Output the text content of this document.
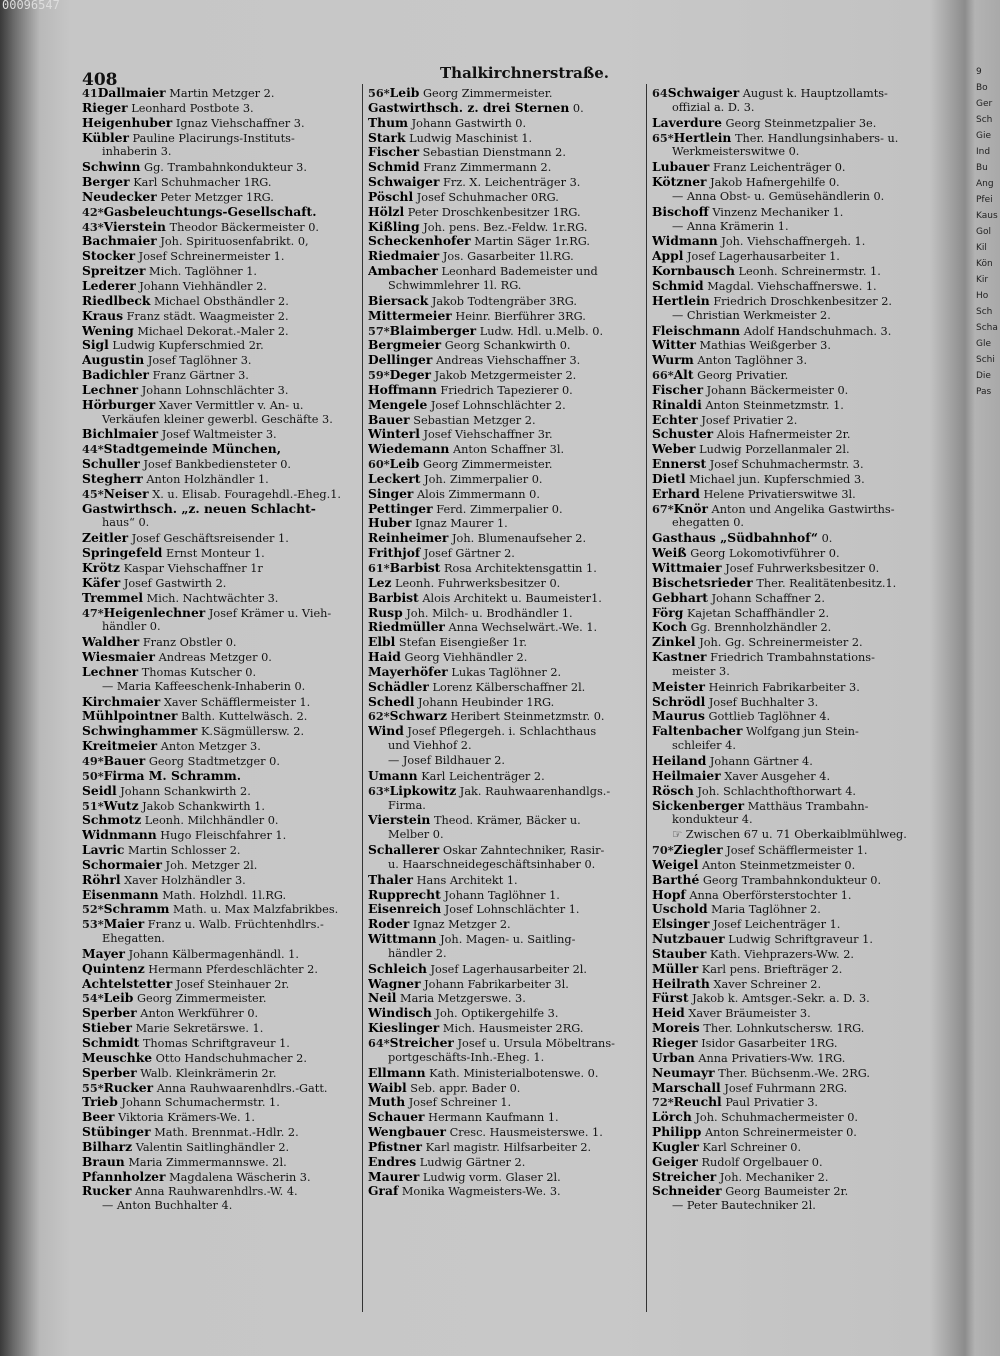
00096547
408	Thalkirchnerstraße.
41Dallmaier Martin Metzger 2.
Rieger Leonhard Postbote 3.
Heigenhuber Ignaz Viehschaffner 3.
Kübler Pauline Placirungs-Instituts-
inhaberin 3.
Schwinn Gg. Trambahnkondukteur 3.
Berger Karl Schuhmacher 1RG.
Neudecker Peter Metzger 1RG.
42*Gasbeleuchtungs-Gesellschaft.
43*Vierstein Theodor Bäckermeister 0.
Bachmaier Joh. Spirituosenfabrikt. 0,
Stocker Josef Schreinermeister 1.
Spreitzer Mich. Taglöhner 1.
Lederer Johann Viehhändler 2.
Riedlbeck Michael Obsthändler 2.
Kraus Franz städt. Waagmeister 2.
Wening Michael Dekorat.-Maler 2.
Sigl Ludwig Kupferschmied 2r.
Augustin Josef Taglöhner 3.
Badichler Franz Gärtner 3.
Lechner Johann Lohnschlächter 3.
Hörburger Xaver Vermittler v. An- u.
Verkäufen kleiner gewerbl. Geschäfte 3.
Bichlmaier Josef Waltmeister 3.
44*Stadtgemeinde München,
Schuller Josef Bankbediensteter 0.
Stegherr Anton Holzhändler 1.
45*Neiser X. u. Elisab. Fouragehdl.-Eheg.1.
Gastwirthsch. „z. neuen Schlacht-
haus“ 0.
Zeitler Josef Geschäftsreisender 1.
Springefeld Ernst Monteur 1.
Krötz Kaspar Viehschaffner 1r
Käfer Josef Gastwirth 2.
Tremmel Mich. Nachtwächter 3.
47*Heigenlechner Josef Krämer u. Vieh-
händler 0.
Waldher Franz Obstler 0.
Wiesmaier Andreas Metzger 0.
Lechner Thomas Kutscher 0.
— Maria Kaffeeschenk-Inhaberin 0.
Kirchmaier Xaver Schäfflermeister 1.
Mühlpointner Balth. Kuttelwäsch. 2.
Schwinghammer K.Sägmüllersw. 2.
Kreitmeier Anton Metzger 3.
49*Bauer Georg Stadtmetzger 0.
50*Firma M. Schramm.
Seidl Johann Schankwirth 2.
51*Wutz Jakob Schankwirth 1.
Schmotz Leonh. Milchhändler 0.
Widnmann Hugo Fleischfahrer 1.
Lavric Martin Schlosser 2.
Schormaier Joh. Metzger 2l.
Röhrl Xaver Holzhändler 3.
Eisenmann Math. Holzhdl. 1l.RG.
52*Schramm Math. u. Max Malzfabrikbes.
53*Maier Franz u. Walb. Früchtenhdlrs.-
Ehegatten.
Mayer Johann Kälbermagenhändl. 1.
Quintenz Hermann Pferdeschlächter 2.
Achtelstetter Josef Steinhauer 2r.
54*Leib Georg Zimmermeister.
Sperber Anton Werkführer 0.
Stieber Marie Sekretärswe. 1.
Schmidt Thomas Schriftgraveur 1.
Meuschke Otto Handschuhmacher 2.
Sperber Walb. Kleinkrämerin 2r.
55*Rucker Anna Rauhwaarenhdlrs.-Gatt.
Trieb Johann Schumachermstr. 1.
Beer Viktoria Krämers-We. 1.
Stübinger Math. Brennmat.-Hdlr. 2.
Bilharz Valentin Saitlinghändler 2.
Braun Maria Zimmermannswe. 2l.
Pfannholzer Magdalena Wäscherin 3.
Rucker Anna Rauhwarenhdlrs.-W. 4.
— Anton Buchhalter 4.
56*Leib Georg Zimmermeister.
Gastwirthsch. z. drei Sternen 0.
Thum Johann Gastwirth 0.
Stark Ludwig Maschinist 1.
Fischer Sebastian Dienstmann 2.
Schmid Franz Zimmermann 2.
Schwaiger Frz. X. Leichenträger 3.
Pöschl Josef Schuhmacher 0RG.
Hölzl Peter Droschkenbesitzer 1RG.
Kißling Joh. pens. Bez.-Feldw. 1r.RG.
Scheckenhofer Martin Säger 1r.RG.
Riedmaier Jos. Gasarbeiter 1l.RG.
Ambacher Leonhard Bademeister und
Schwimmlehrer 1l. RG.
Biersack Jakob Todtengräber 3RG.
Mittermeier Heinr. Bierführer 3RG.
57*Blaimberger Ludw. Hdl. u.Melb. 0.
Bergmeier Georg Schankwirth 0.
Dellinger Andreas Viehschaffner 3.
59*Deger Jakob Metzgermeister 2.
Hoffmann Friedrich Tapezierer 0.
Mengele Josef Lohnschlächter 2.
Bauer Sebastian Metzger 2.
Winterl Josef Viehschaffner 3r.
Wiedemann Anton Schaffner 3l.
60*Leib Georg Zimmermeister.
Leckert Joh. Zimmerpalier 0.
Singer Alois Zimmermann 0.
Pettinger Ferd. Zimmerpalier 0.
Huber Ignaz Maurer 1.
Reinheimer Joh. Blumenaufseher 2.
Frithjof Josef Gärtner 2.
61*Barbist Rosa Architektensgattin 1.
Lez Leonh. Fuhrwerksbesitzer 0.
Barbist Alois Architekt u. Baumeister1.
Rusp Joh. Milch- u. Brodhändler 1.
Riedmüller Anna Wechselwärt.-We. 1.
Elbl Stefan Eisengießer 1r.
Haid Georg Viehhändler 2.
Mayerhöfer Lukas Taglöhner 2.
Schädler Lorenz Kälberschaffner 2l.
Schedl Johann Heubinder 1RG.
62*Schwarz Heribert Steinmetzmstr. 0.
Wind Josef Pflegergeh. i. Schlachthaus
und Viehhof 2.
— Josef Bildhauer 2.
Umann Karl Leichenträger 2.
63*Lipkowitz Jak. Rauhwaarenhandlgs.-
Firma.
Vierstein Theod. Krämer, Bäcker u.
Melber 0.
Schallerer Oskar Zahntechniker, Rasir-
u. Haarschneidegeschäftsinhaber 0.
Thaler Hans Architekt 1.
Rupprecht Johann Taglöhner 1.
Eisenreich Josef Lohnschlächter 1.
Roder Ignaz Metzger 2.
Wittmann Joh. Magen- u. Saitling-
händler 2.
Schleich Josef Lagerhausarbeiter 2l.
Wagner Johann Fabrikarbeiter 3l.
Neil Maria Metzgerswe. 3.
Windisch Joh. Optikergehilfe 3.
Kieslinger Mich. Hausmeister 2RG.
64*Streicher Josef u. Ursula Möbeltrans-
portgeschäfts-Inh.-Eheg. 1.
Ellmann Kath. Ministerialbotenswe. 0.
Waibl Seb. appr. Bader 0.
Muth Josef Schreiner 1.
Schauer Hermann Kaufmann 1.
Wengbauer Cresc. Hausmeisterswe. 1.
Pfistner Karl magistr. Hilfsarbeiter 2.
Endres Ludwig Gärtner 2.
Maurer Ludwig vorm. Glaser 2l.
Graf Monika Wagmeisters-We. 3.
64Schwaiger August k. Hauptzollamts-
offizial a. D. 3.
Laverdure Georg Steinmetzpalier 3e.
65*Hertlein Ther. Handlungsinhabers- u.
Werkmeisterswitwe 0.
Lubauer Franz Leichenträger 0.
Kötzner Jakob Hafnergehilfe 0.
— Anna Obst- u. Gemüsehändlerin 0.
Bischoff Vinzenz Mechaniker 1.
— Anna Krämerin 1.
Widmann Joh. Viehschaffnergeh. 1.
Appl Josef Lagerhausarbeiter 1.
Kornbausch Leonh. Schreinermstr. 1.
Schmid Magdal. Viehschaffnerswe. 1.
Hertlein Friedrich Droschkenbesitzer 2.
— Christian Werkmeister 2.
Fleischmann Adolf Handschuhmach. 3.
Witter Mathias Weißgerber 3.
Wurm Anton Taglöhner 3.
66*Alt Georg Privatier.
Fischer Johann Bäckermeister 0.
Rinaldi Anton Steinmetzmstr. 1.
Echter Josef Privatier 2.
Schuster Alois Hafnermeister 2r.
Weber Ludwig Porzellanmaler 2l.
Ennerst Josef Schuhmachermstr. 3.
Dietl Michael jun. Kupferschmied 3.
Erhard Helene Privatierswitwe 3l.
67*Knör Anton und Angelika Gastwirths-
ehegatten 0.
Gasthaus „Südbahnhof“ 0.
Weiß Georg Lokomotivführer 0.
Wittmaier Josef Fuhrwerksbesitzer 0.
Bischetsrieder Ther. Realitätenbesitz.1.
Gebhart Johann Schaffner 2.
Förg Kajetan Schaffhändler 2.
Koch Gg. Brennholzhändler 2.
Zinkel Joh. Gg. Schreinermeister 2.
Kastner Friedrich Trambahnstations-
meister 3.
Meister Heinrich Fabrikarbeiter 3.
Schrödl Josef Buchhalter 3.
Maurus Gottlieb Taglöhner 4.
Faltenbacher Wolfgang jun Stein-
schleifer 4.
Heiland Johann Gärtner 4.
Heilmaier Xaver Ausgeher 4.
Rösch Joh. Schlachthofthorwart 4.
Sickenberger Matthäus Trambahn-
kondukteur 4.
☞ Zwischen 67 u. 71 Oberkaiblmühlweg.
70*Ziegler Josef Schäfflermeister 1.
Weigel Anton Steinmetzmeister 0.
Barthé Georg Trambahnkondukteur 0.
Hopf Anna Oberförsterstochter 1.
Uschold Maria Taglöhner 2.
Elsinger Josef Leichenträger 1.
Nutzbauer Ludwig Schriftgraveur 1.
Stauber Kath. Viehprazers-Ww. 2.
Müller Karl pens. Briefträger 2.
Heilrath Xaver Schreiner 2.
Fürst Jakob k. Amtsger.-Sekr. a. D. 3.
Heid Xaver Bräumeister 3.
Moreis Ther. Lohnkutschersw. 1RG.
Rieger Isidor Gasarbeiter 1RG.
Urban Anna Privatiers-Ww. 1RG.
Neumayr Ther. Büchsenm.-We. 2RG.
Marschall Josef Fuhrmann 2RG.
72*Reuchl Paul Privatier 3.
Lörch Joh. Schuhmachermeister 0.
Philipp Anton Schreinermeister 0.
Kugler Karl Schreiner 0.
Geiger Rudolf Orgelbauer 0.
Streicher Joh. Mechaniker 2.
Schneider Georg Baumeister 2r.
— Peter Bautechniker 2l.
9
Bo
Ger
Sch
Gie
Ind
Bu
Ang
Pfei
Kaus
Gol
Kil
Kön
Kir
Ho
Sch
Scha
Gle
Schi
Die
Pas
